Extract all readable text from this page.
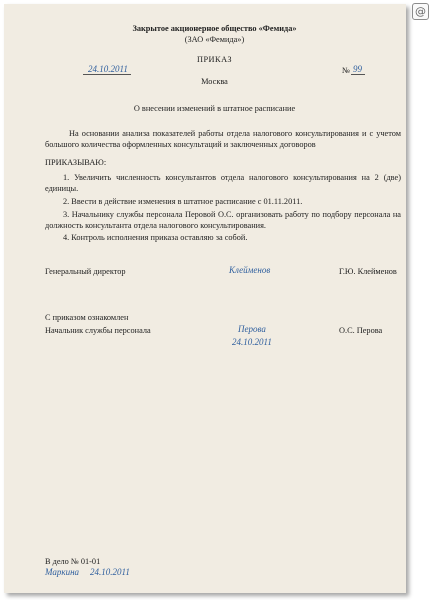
@
Закрытое акционерное общество «Фемида»
(ЗАО «Фемида»)
ПРИКАЗ
24.10.2011	№ 99
Москва
О внесении изменений в штатное расписание
На основании анализа показателей работы отдела налогового консультирования и с учетом большого количества оформленных консультаций и заключенных договоров
ПРИКАЗЫВАЮ:
1. Увеличить численность консультантов отдела налогового консультирования на 2 (две) единицы.
2. Ввести в действие изменения в штатное расписание с 01.11.2011.
3. Начальнику службы персонала Перовой О.С. организовать работу по подбору персонала на должность консультанта отдела налогового консультирования.
4. Контроль исполнения приказа оставляю за собой.
Генеральный директор	Клейменов	Г.Ю. Клейменов
С приказом ознакомлен
Начальник службы персонала	Перова
24.10.2011
О.С. Перова
В дело № 01-01
Маркина 24.10.2011
